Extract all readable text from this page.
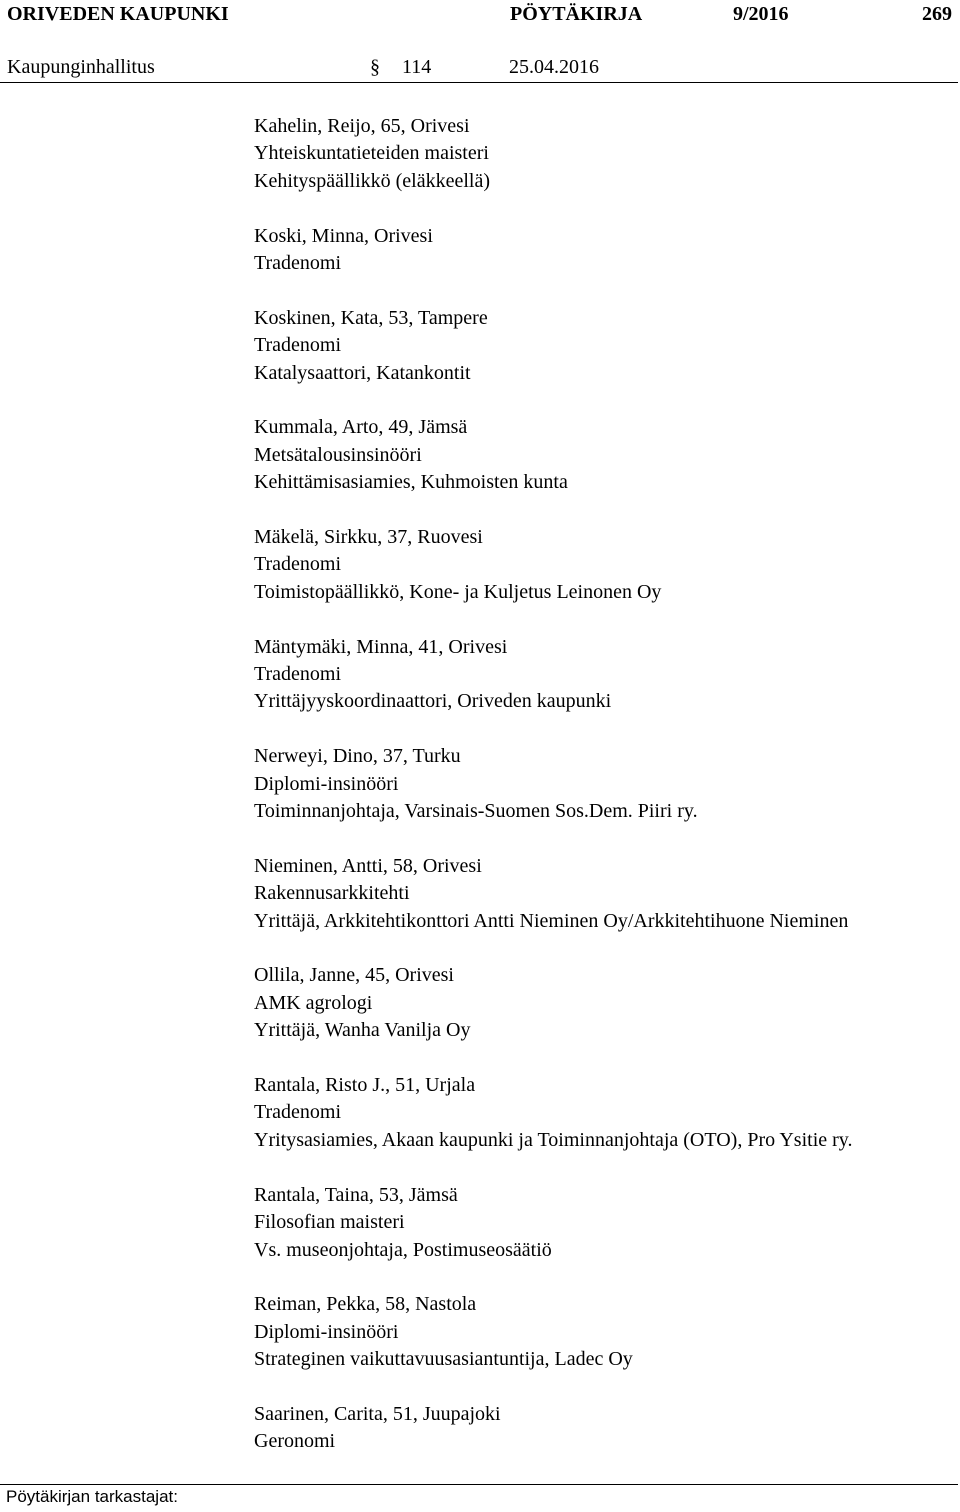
ORIVEDEN KAUPUNKI	PÖYTÄKIRJA	9/2016	269
Kaupunginhallitus	114	25.04.2016
§
Kahelin, Reijo, 65, Orivesi
Yhteiskuntatieteiden maisteri
Kehityspäällikkö (eläkkeellä)
Koski, Minna, Orivesi
Tradenomi
Koskinen, Kata, 53, Tampere
Tradenomi
Katalysaattori, Katankontit
Kummala, Arto, 49, Jämsä
Metsätalousinsinööri
Kehittämisasiamies, Kuhmoisten kunta
Mäkelä, Sirkku, 37, Ruovesi
Tradenomi
Toimistopäällikkö, Kone- ja Kuljetus Leinonen Oy
Mäntymäki, Minna, 41, Orivesi
Tradenomi
Yrittäjyyskoordinaattori, Oriveden kaupunki
Nerweyi, Dino, 37, Turku
Diplomi-insinööri
Toiminnanjohtaja, Varsinais-Suomen Sos.Dem. Piiri ry.
Nieminen, Antti, 58, Orivesi
Rakennusarkkitehti
Yrittäjä, Arkkitehtikonttori Antti Nieminen Oy/Arkkitehtihuone Nieminen
Ollila, Janne, 45, Orivesi
AMK agrologi
Yrittäjä, Wanha Vanilja Oy
Rantala, Risto J., 51, Urjala
Tradenomi
Yritysasiamies, Akaan kaupunki ja Toiminnanjohtaja (OTO), Pro Ysitie ry.
Rantala, Taina, 53, Jämsä
Filosofian maisteri
Vs. museonjohtaja, Postimuseosäätiö
Reiman, Pekka, 58, Nastola
Diplomi-insinööri
Strateginen vaikuttavuusasiantuntija, Ladec Oy
Saarinen, Carita, 51, Juupajoki
Geronomi
Pöytäkirjan tarkastajat:
